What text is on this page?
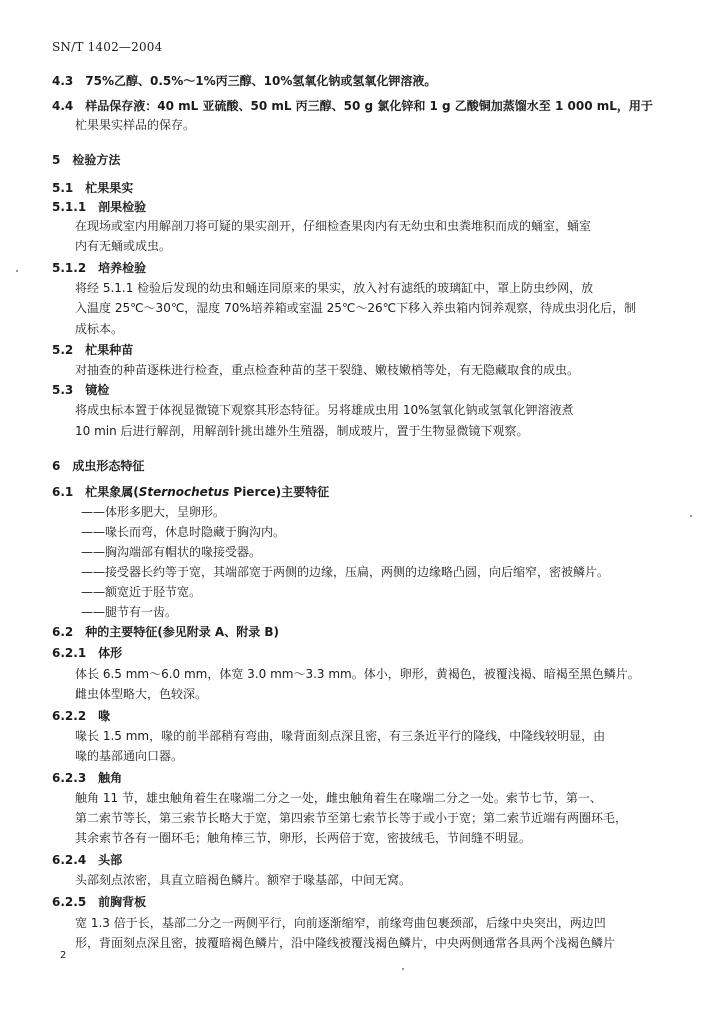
SN/T 1402—2004
4.3 75%乙醇、0.5%～1%丙三醇、10%氢氧化钠或氢氧化钾溶液。
4.4 样品保存液：40 mL 亚硫酸、50 mL 丙三醇、50 g 氯化锌和 1 g 乙酸铜加蒸馏水至 1 000 mL，用于
杧果果实样品的保存。
5 检验方法
5.1 杧果果实
5.1.1 剖果检验
在现场或室内用解剖刀将可疑的果实剖开，仔细检查果肉内有无幼虫和虫粪堆积而成的蛹室，蛹室
内有无蛹或成虫。
5.1.2 培养检验
将经 5.1.1 检验后发现的幼虫和蛹连同原来的果实，放入衬有滤纸的玻璃缸中，罩上防虫纱网，放
入温度 25℃～30℃，湿度 70%培养箱或室温 25℃～26℃下移入养虫箱内饲养观察，待成虫羽化后，制
成标本。
5.2 杧果种苗
对抽查的种苗逐株进行检查，重点检查种苗的茎干裂缝、嫩枝嫩梢等处，有无隐藏取食的成虫。
5.3 镜检
将成虫标本置于体视显微镜下观察其形态特征。另将雄成虫用 10%氢氧化钠或氢氧化钾溶液煮
10 min 后进行解剖，用解剖针挑出雄外生殖器，制成玻片，置于生物显微镜下观察。
6 成虫形态特征
6.1 杧果象属(Sternochetus Pierce)主要特征
——体形多肥大，呈卵形。
——喙长而弯，休息时隐藏于胸沟内。
——胸沟端部有帽状的喙接受器。
——接受器长约等于宽，其端部宽于两侧的边缘，压扁，两侧的边缘略凸圆，向后缩窄，密被鳞片。
——额宽近于胫节宽。
——腿节有一齿。
6.2 种的主要特征(参见附录 A、附录 B)
6.2.1 体形
体长 6.5 mm～6.0 mm，体宽 3.0 mm～3.3 mm。体小，卵形，黄褐色，被覆浅褐、暗褐至黑色鳞片。
雌虫体型略大，色较深。
6.2.2 喙
喙长 1.5 mm，喙的前半部稍有弯曲，喙背面刻点深且密，有三条近平行的隆线，中隆线较明显，由
喙的基部通向口器。
6.2.3 触角
触角 11 节，雄虫触角着生在喙端二分之一处，雌虫触角着生在喙端二分之一处。索节七节，第一、
第二索节等长，第三索节长略大于宽，第四索节至第七索节长等于或小于宽；第二索节近端有两圈环毛，
其余索节各有一圈环毛；触角棒三节，卵形，长两倍于宽，密披绒毛，节间缝不明显。
6.2.4 头部
头部刻点浓密，具直立暗褐色鳞片。额窄于喙基部，中间无窝。
6.2.5 前胸背板
宽 1.3 倍于长，基部二分之一两侧平行，向前逐渐缩窄，前缘弯曲包裹颈部，后缘中央突出，两边凹
形，背面刻点深且密，披覆暗褐色鳞片，沿中隆线被覆浅褐色鳞片，中央两侧通常各具两个浅褐色鳞片
2
